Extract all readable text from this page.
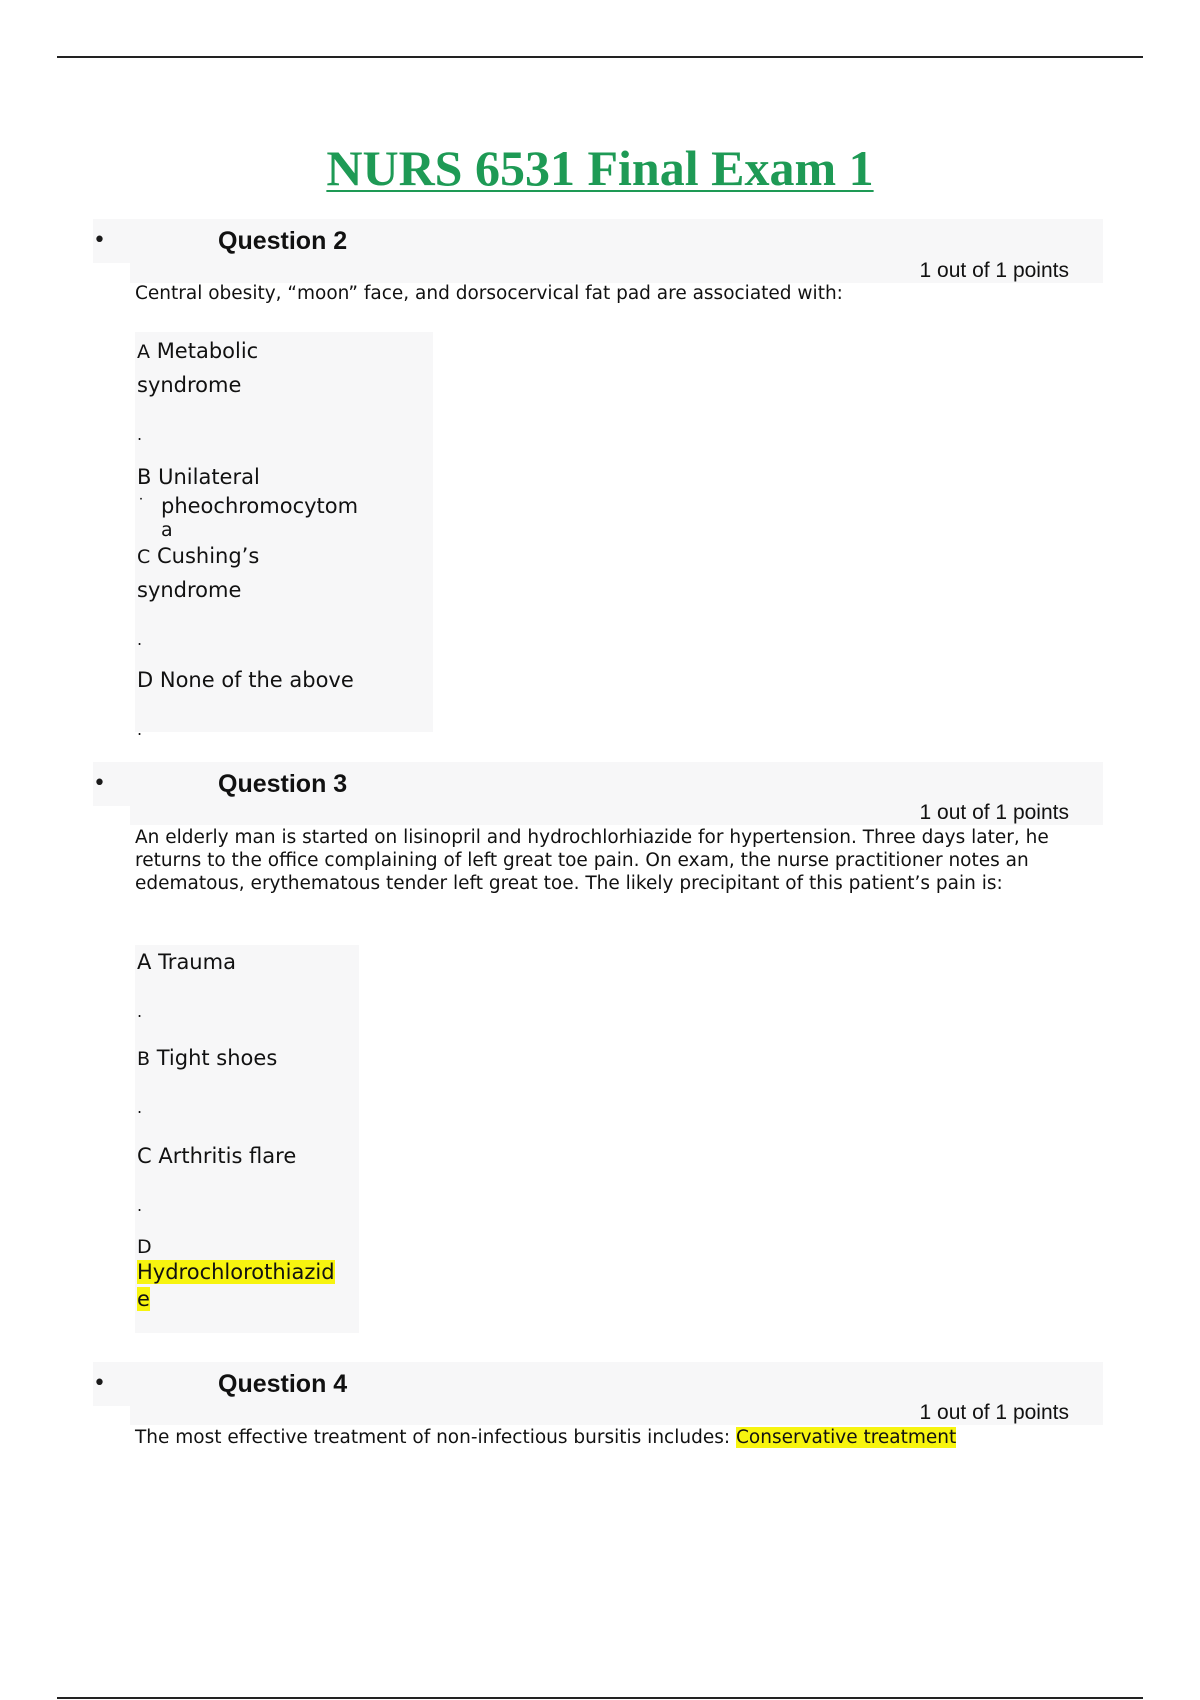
NURS 6531 Final Exam 1
•	Question 2
1 out of 1 points

Central obesity, “moon” face, and dorsocervical fat pad are associated with:

A Metabolic
syndrome
.
B Unilateral
˙ pheochromocytom
a
C Cushing’s
syndrome
.
D None of the above
.
•	Question 3
1 out of 1 points

An elderly man is started on lisinopril and hydrochlorhiazide for hypertension. Three days later, he returns to the office complaining of left great toe pain. On exam, the nurse practitioner notes an edematous, erythematous tender left great toe. The likely precipitant of this patient’s pain is:

A Trauma
.
B Tight shoes
.
C Arthritis flare
.
D
Hydrochlorothiazid
e
•	Question 4
1 out of 1 points

The most effective treatment of non-infectious bursitis includes: Conservative treatment
